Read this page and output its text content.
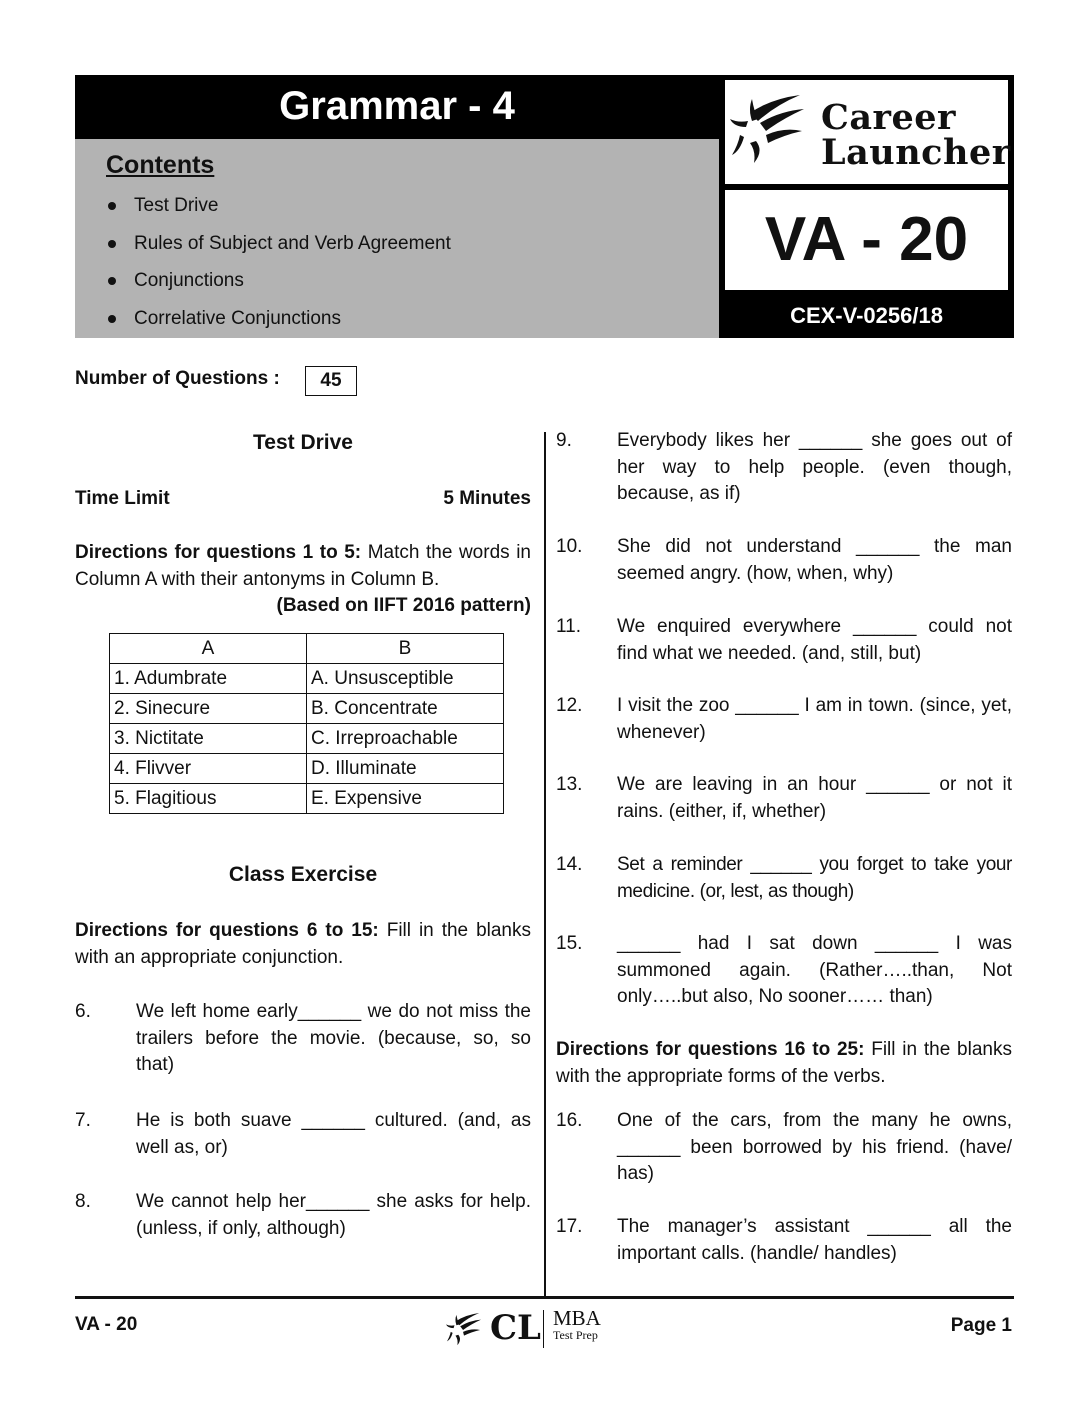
Grammar - 4
Contents
Test Drive
Rules of Subject and Verb Agreement
Conjunctions
Correlative Conjunctions
Career
Launcher
VA - 20
CEX-V-0256/18
Number of Questions :	45
Test Drive
Time Limit	5 Minutes
Directions for questions 1 to 5: Match the words in Column A with their antonyms in Column B.
(Based on IIFT 2016 pattern)
A	B
1. Adumbrate	A. Unsusceptible
2. Sinecure	B. Concentrate
3. Nictitate	C. Irreproachable
4. Flivver	D. Illuminate
5. Flagitious	E. Expensive
Class Exercise
Directions for questions 6 to 15: Fill in the blanks with an appropriate conjunction.
6. We left home early______ we do not miss the trailers before the movie. (because, so, so that)
7. He is both suave ______ cultured. (and, as well as, or)
8. We cannot help her______ she asks for help. (unless, if only, although)
9. Everybody likes her ______ she goes out of her way to help people. (even though, because, as if)
10. She did not understand ______ the man seemed angry. (how, when, why)
11. We enquired everywhere ______ could not find what we needed. (and, still, but)
12. I visit the zoo ______ I am in town. (since, yet, whenever)
13. We are leaving in an hour ______ or not it rains. (either, if, whether)
14. Set a reminder ______ you forget to take your medicine. (or, lest, as though)
15. ______ had I sat down ______ I was summoned again. (Rather…..than, Not only…..but also, No sooner…… than)
Directions for questions 16 to 25: Fill in the blanks with the appropriate forms of the verbs.
16. One of the cars, from the many he owns, ______ been borrowed by his friend. (have/ has)
17. The manager’s assistant ______ all the important calls. (handle/ handles)
VA - 20	CL MBA
Test Prep	Page 1
